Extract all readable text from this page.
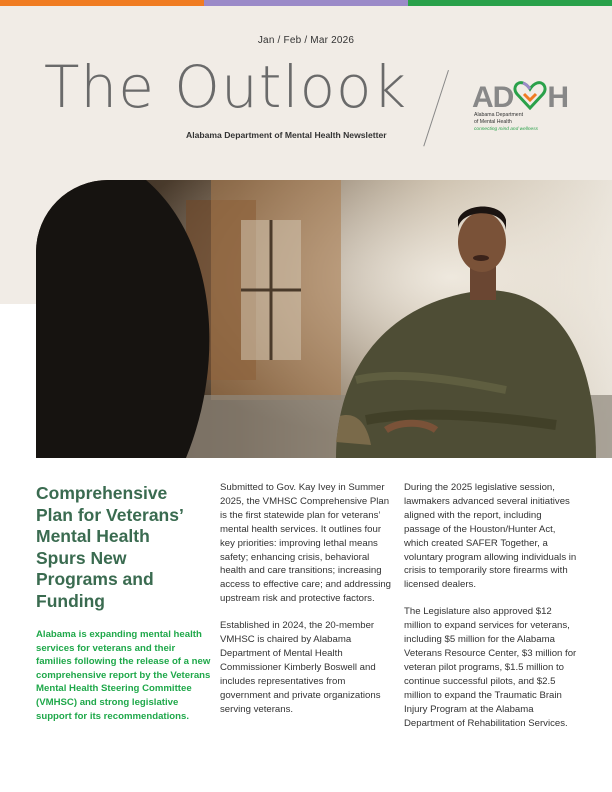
Jan / Feb / Mar 2026
The Outlook
Alabama Department of Mental Health Newsletter
AD H
Alabama Department
of Mental Health
connecting mind and wellness
Comprehensive Plan for Veterans’ Mental Health Spurs New Programs and Funding
Alabama is expanding mental health services for veterans and their families following the release of a new comprehensive report by the Veterans Mental Health Steering Committee (VMHSC) and strong legislative support for its recommendations.

Submitted to Gov. Kay Ivey in Summer 2025, the VMHSC Comprehensive Plan is the first statewide plan for veterans’ mental health services. It outlines four key priorities: improving lethal means safety; enhancing crisis, behavioral health and care transitions; increasing access to effective care; and addressing upstream risk and protective factors.

Established in 2024, the 20-member VMHSC is chaired by Alabama Department of Mental Health Commissioner Kimberly Boswell and includes representatives from government and private organizations serving veterans.

During the 2025 legislative session, lawmakers advanced several initiatives aligned with the report, including passage of the Houston/Hunter Act, which created SAFER Together, a voluntary program allowing individuals in crisis to temporarily store firearms with licensed dealers.

The Legislature also approved $12 million to expand services for veterans, including $5 million for the Alabama Veterans Resource Center, $3 million for veteran pilot programs, $1.5 million to continue successful pilots, and $2.5 million to expand the Traumatic Brain Injury Program at the Alabama Department of Rehabilitation Services.
